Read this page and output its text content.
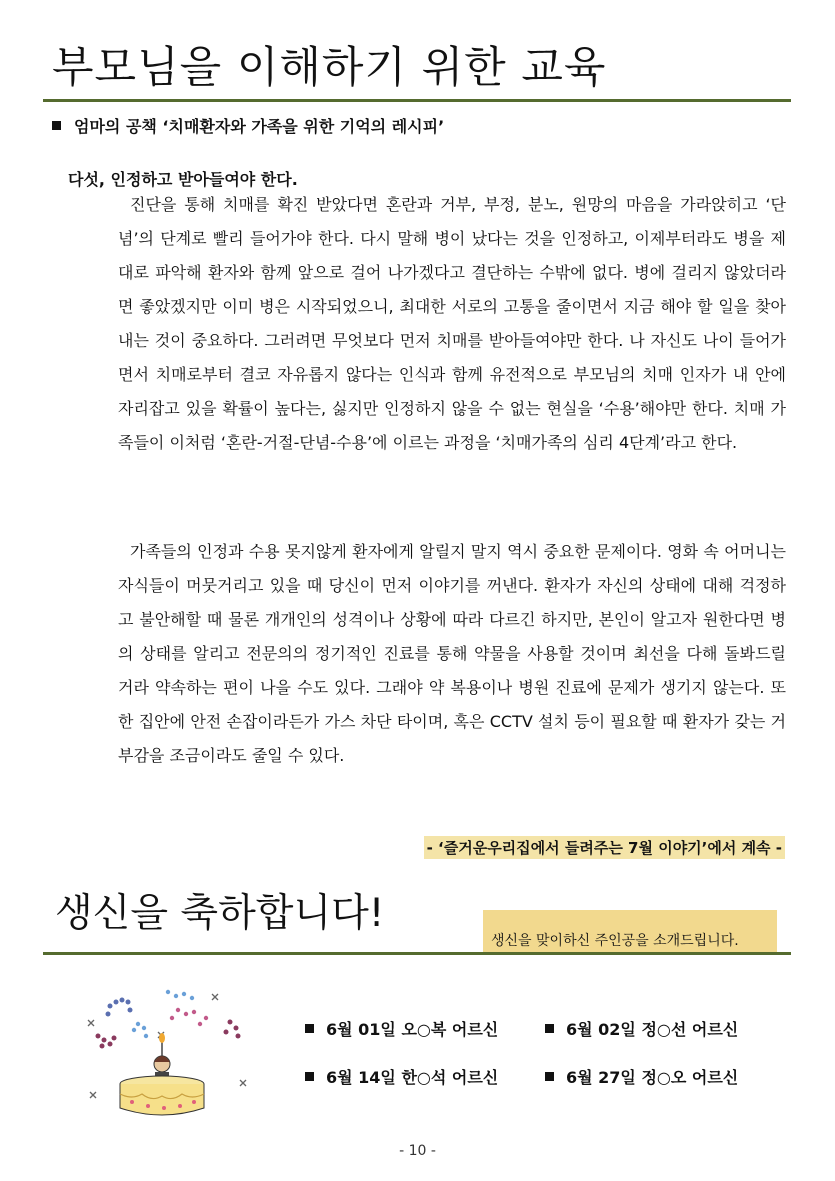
부모님을 이해하기 위한 교육
엄마의 공책 ‘치매환자와 가족을 위한 기억의 레시피’
다섯, 인정하고 받아들여야 한다.

진단을 통해 치매를 확진 받았다면 혼란과 거부, 부정, 분노, 원망의 마음을 가라앉히고 ‘단념’의 단계로 빨리 들어가야 한다. 다시 말해 병이 났다는 것을 인정하고, 이제부터라도 병을 제대로 파악해 환자와 함께 앞으로 걸어 나가겠다고 결단하는 수밖에 없다. 병에 걸리지 않았더라면 좋았겠지만 이미 병은 시작되었으니, 최대한 서로의 고통을 줄이면서 지금 해야 할 일을 찾아내는 것이 중요하다. 그러려면 무엇보다 먼저 치매를 받아들여야만 한다. 나 자신도 나이 들어가면서 치매로부터 결코 자유롭지 않다는 인식과 함께 유전적으로 부모님의 치매 인자가 내 안에 자리잡고 있을 확률이 높다는, 싫지만 인정하지 않을 수 없는 현실을 ‘수용’해야만 한다. 치매 가족들이 이처럼 ‘혼란-거절-단념-수용’에 이르는 과정을 ‘치매가족의 심리 4단계’라고 한다.

가족들의 인정과 수용 못지않게 환자에게 알릴지 말지 역시 중요한 문제이다. 영화 속 어머니는 자식들이 머뭇거리고 있을 때 당신이 먼저 이야기를 꺼낸다. 환자가 자신의 상태에 대해 걱정하고 불안해할 때 물론 개개인의 성격이나 상황에 따라 다르긴 하지만, 본인이 알고자 원한다면 병의 상태를 알리고 전문의의 정기적인 진료를 통해 약물을 사용할 것이며 최선을 다해 돌봐드릴 거라 약속하는 편이 나을 수도 있다. 그래야 약 복용이나 병원 진료에 문제가 생기지 않는다. 또한 집안에 안전 손잡이라든가 가스 차단 타이며, 혹은 CCTV 설치 등이 필요할 때 환자가 갖는 거부감을 조금이라도 줄일 수 있다.

- ‘즐거운우리집에서 들려주는 7월 이야기’에서 계속 -
생신을 축하합니다!
생신을 맞이하신 주인공을 소개드립니다.
6월 01일 오○복 어르신	6월 02일 정○선 어르신
6월 14일 한○석 어르신	6월 27일 정○오 어르신
- 10 -
